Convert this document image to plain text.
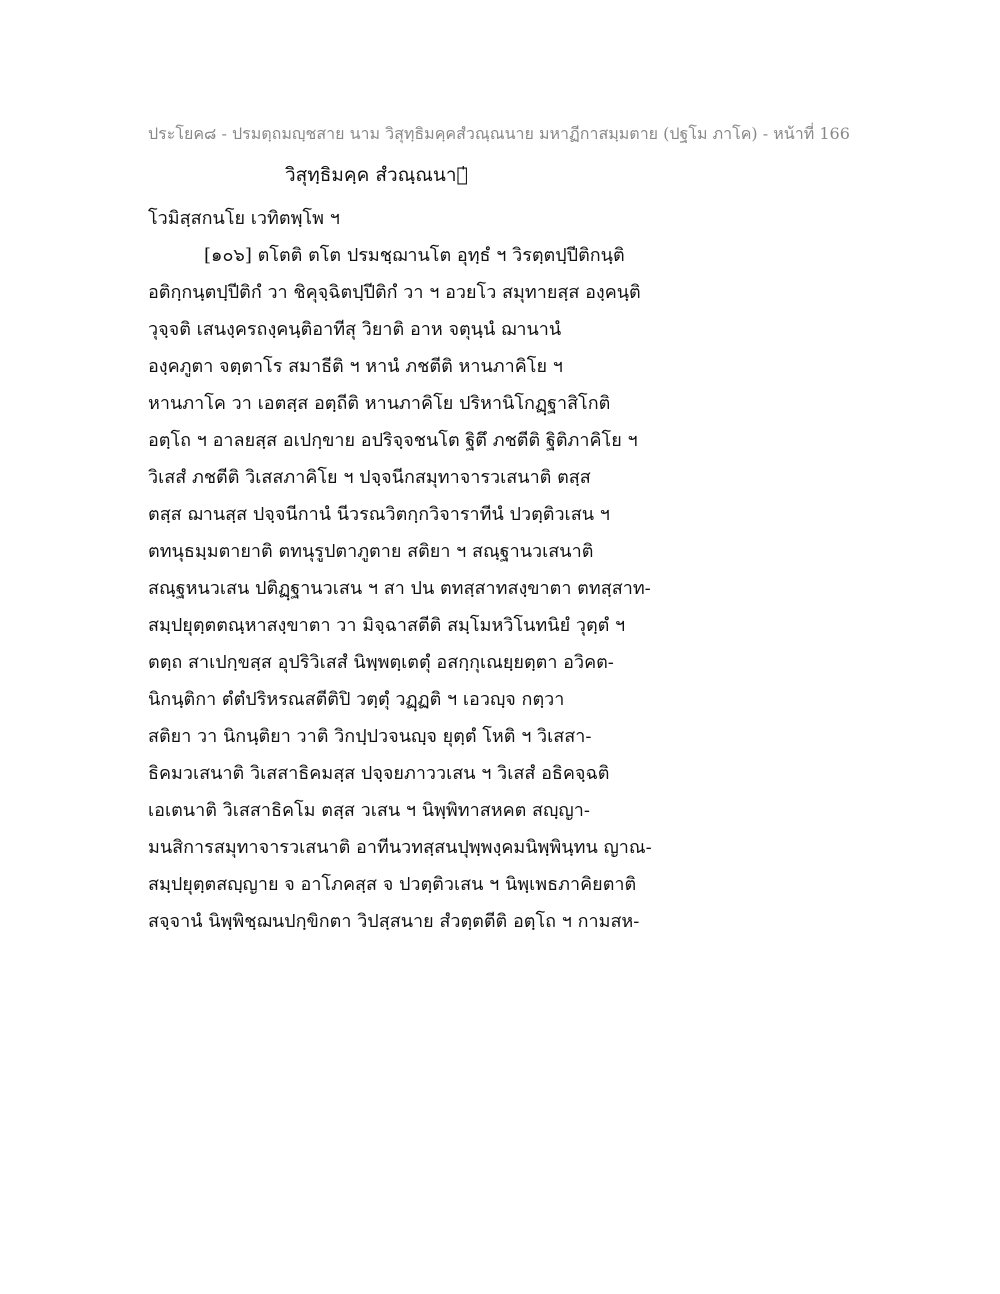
ประโยค๘ - ปรมตฺถมญฺชสาย นาม วิสุทฺธิมคฺคสํวณฺณนาย มหาฏีกาสมฺมตาย (ปฐโม ภาโค) - หน้าที่ 166
วิสุทฺธิมคฺค สํวณฺณนาย̍
โวมิสฺสกนโย เวทิตพฺโพ ฯ
[๑๐๖] ตโตติ ตโต ปรมชฺฌานโต อุทฺธํ ฯ วิรตฺตปฺปีติกนฺติ
อติกฺกนฺตปฺปีติกํ วา ชิคุจฺฉิตปฺปีติกํ วา ฯ อวยโว สมุทายสฺส องฺคนฺติ
วุจฺจติ เสนงฺครถงฺคนฺติอาทีสุ วิยาติ อาห จตุนฺนํ ฌานานํ
องฺคภูตา จตฺตาโร สมาธีติ ฯ หานํ ภชตีติ หานภาคิโย ฯ
หานภาโค วา เอตสฺส อตฺถีติ หานภาคิโย ปริหานิโกฏฺฐาสิโกติ
อตฺโถ ฯ อาลยสฺส อเปกฺขาย อปริจฺจชนโต ฐิตึ ภชตีติ ฐิติภาคิโย ฯ
วิเสสํ ภชตีติ วิเสสภาคิโย ฯ ปจฺจนีกสมุทาจารวเสนาติ ตสฺส
ตสฺส ฌานสฺส ปจฺจนีกานํ นีวรณวิตกฺกวิจาราทีนํ ปวตฺติวเสน ฯ
ตทนุธมฺมตายาติ ตทนุรูปตาภูตาย สติยา ฯ สณฺฐานวเสนาติ
สณฺฐหนวเสน ปติฏฺฐานวเสน ฯ สา ปน ตทสฺสาทสงฺขาตา ตทสฺสาท-
สมฺปยุตฺตตณฺหาสงฺขาตา วา มิจฺฉาสตีติ สมฺโมหวิโนทนิยํ วุตฺตํ ฯ
ตตฺถ สาเปกฺขสฺส อุปริวิเสสํ นิพฺพตฺเตตุํ อสกฺกุเณยฺยตฺตา อวิคต-
นิกนฺติกา ตํตํปริหรณสตีติปิ วตฺตุํ วฏฺฏติ ฯ เอวญฺจ กตฺวา
สติยา วา นิกนฺติยา วาติ วิกปฺปวจนญฺจ ยุตฺตํ โหติ ฯ วิเสสา-
ธิคมวเสนาติ วิเสสาธิคมสฺส ปจฺจยภาววเสน ฯ วิเสสํ อธิคจฺฉติ
เอเตนาติ วิเสสาธิคโม ตสฺส วเสน ฯ นิพฺพิทาสหคต สญฺญา-
มนสิการสมุทาจารวเสนาติ อาทีนวทสฺสนปุพฺพงฺคมนิพฺพินฺทน ญาณ-
สมฺปยุตฺตสญฺญาย จ อาโภคสฺส จ ปวตฺติวเสน ฯ นิพฺเพธภาคิยตาติ
สจฺจานํ นิพฺพิชฺฌนปกฺขิกตา วิปสฺสนาย สํวตฺตตีติ อตฺโถ ฯ กามสห-
